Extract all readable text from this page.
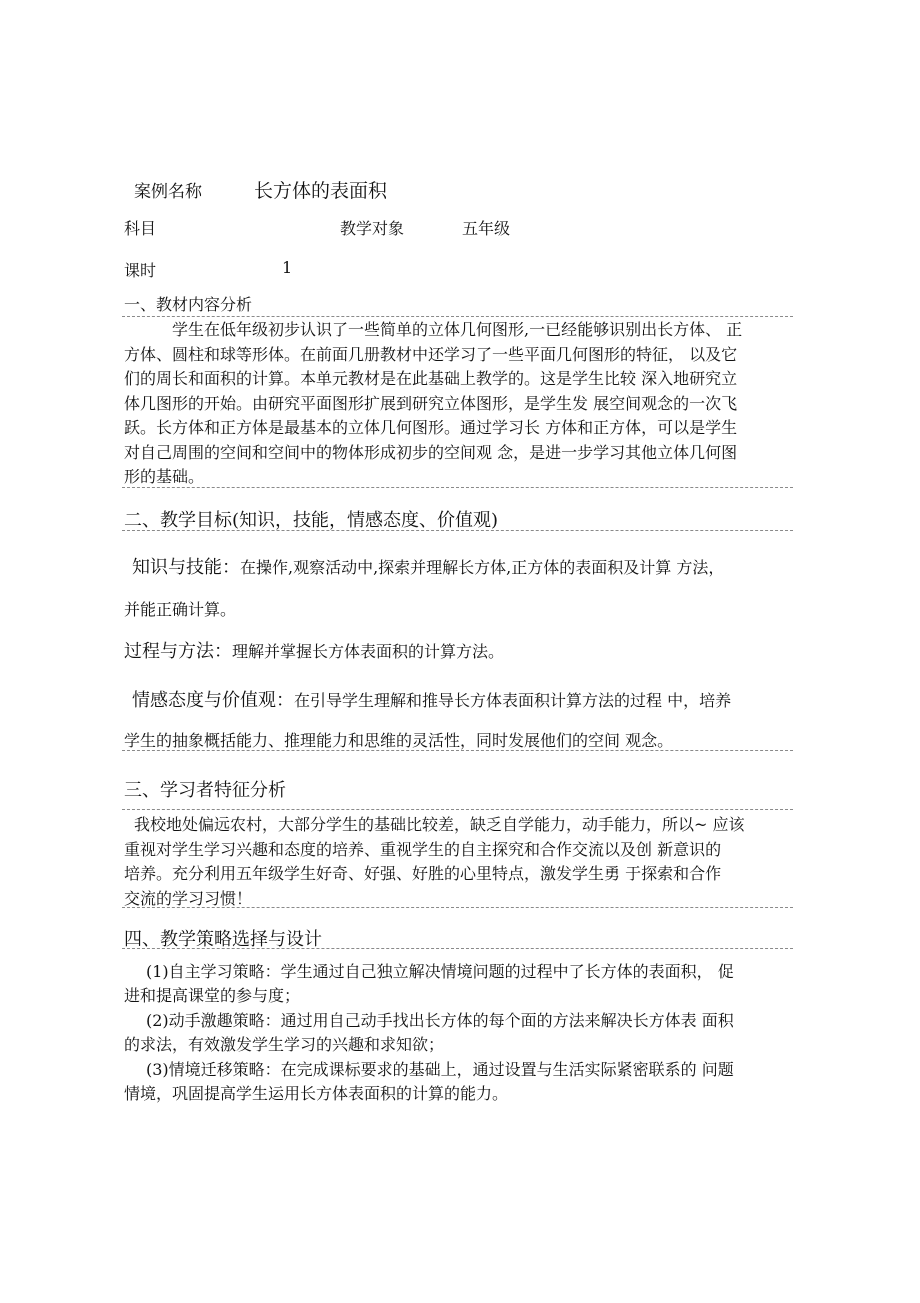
案例名称	长方体的表面积
科目	教学对象	五年级
课时	1
一、教材内容分析

学生在低年级初步认识了一些简单的立体几何图形,一已经能够识别出长方体、 正

方体、圆柱和球等形体。在前面几册教材中还学习了一些平面几何图形的特征， 以及它

们的周长和面积的计算。本单元教材是在此基础上教学的。这是学生比较 深入地研究立

体几图形的开始。由研究平面图形扩展到研究立体图形，是学生发 展空间观念的一次飞

跃。长方体和正方体是最基本的立体几何图形。通过学习长 方体和正方体，可以是学生

对自己周围的空间和空间中的物体形成初步的空间观 念，是进一步学习其他立体几何图

形的基础。

二、教学目标(知识，技能，情感态度、价值观)
知识与技能：在操作,观察活动中,探索并理解长方体,正方体的表面积及计算 方法，
并能正确计算。
过程与方法：理解并掌握长方体表面积的计算方法。
情感态度与价值观：在引导学生理解和推导长方体表面积计算方法的过程 中，培养
学生的抽象概括能力、推理能力和思维的灵活性，同时发展他们的空间 观念。
三、学习者特征分析

我校地处偏远农村，大部分学生的基础比较差，缺乏自学能力，动手能力，所以~ 应该

重视对学生学习兴趣和态度的培养、重视学生的自主探究和合作交流以及创 新意识的

培养。充分利用五年级学生好奇、好强、好胜的心里特点，激发学生勇 于探索和合作

交流的学习习惯！

四、教学策略选择与设计

(1)自主学习策略：学生通过自己独立解决情境问题的过程中了长方体的表面积， 促

进和提高课堂的参与度；

(2)动手激趣策略：通过用自己动手找出长方体的每个面的方法来解决长方体表 面积

的求法，有效激发学生学习的兴趣和求知欲；

(3)情境迁移策略：在完成课标要求的基础上，通过设置与生活实际紧密联系的 问题

情境，巩固提高学生运用长方体表面积的计算的能力。
